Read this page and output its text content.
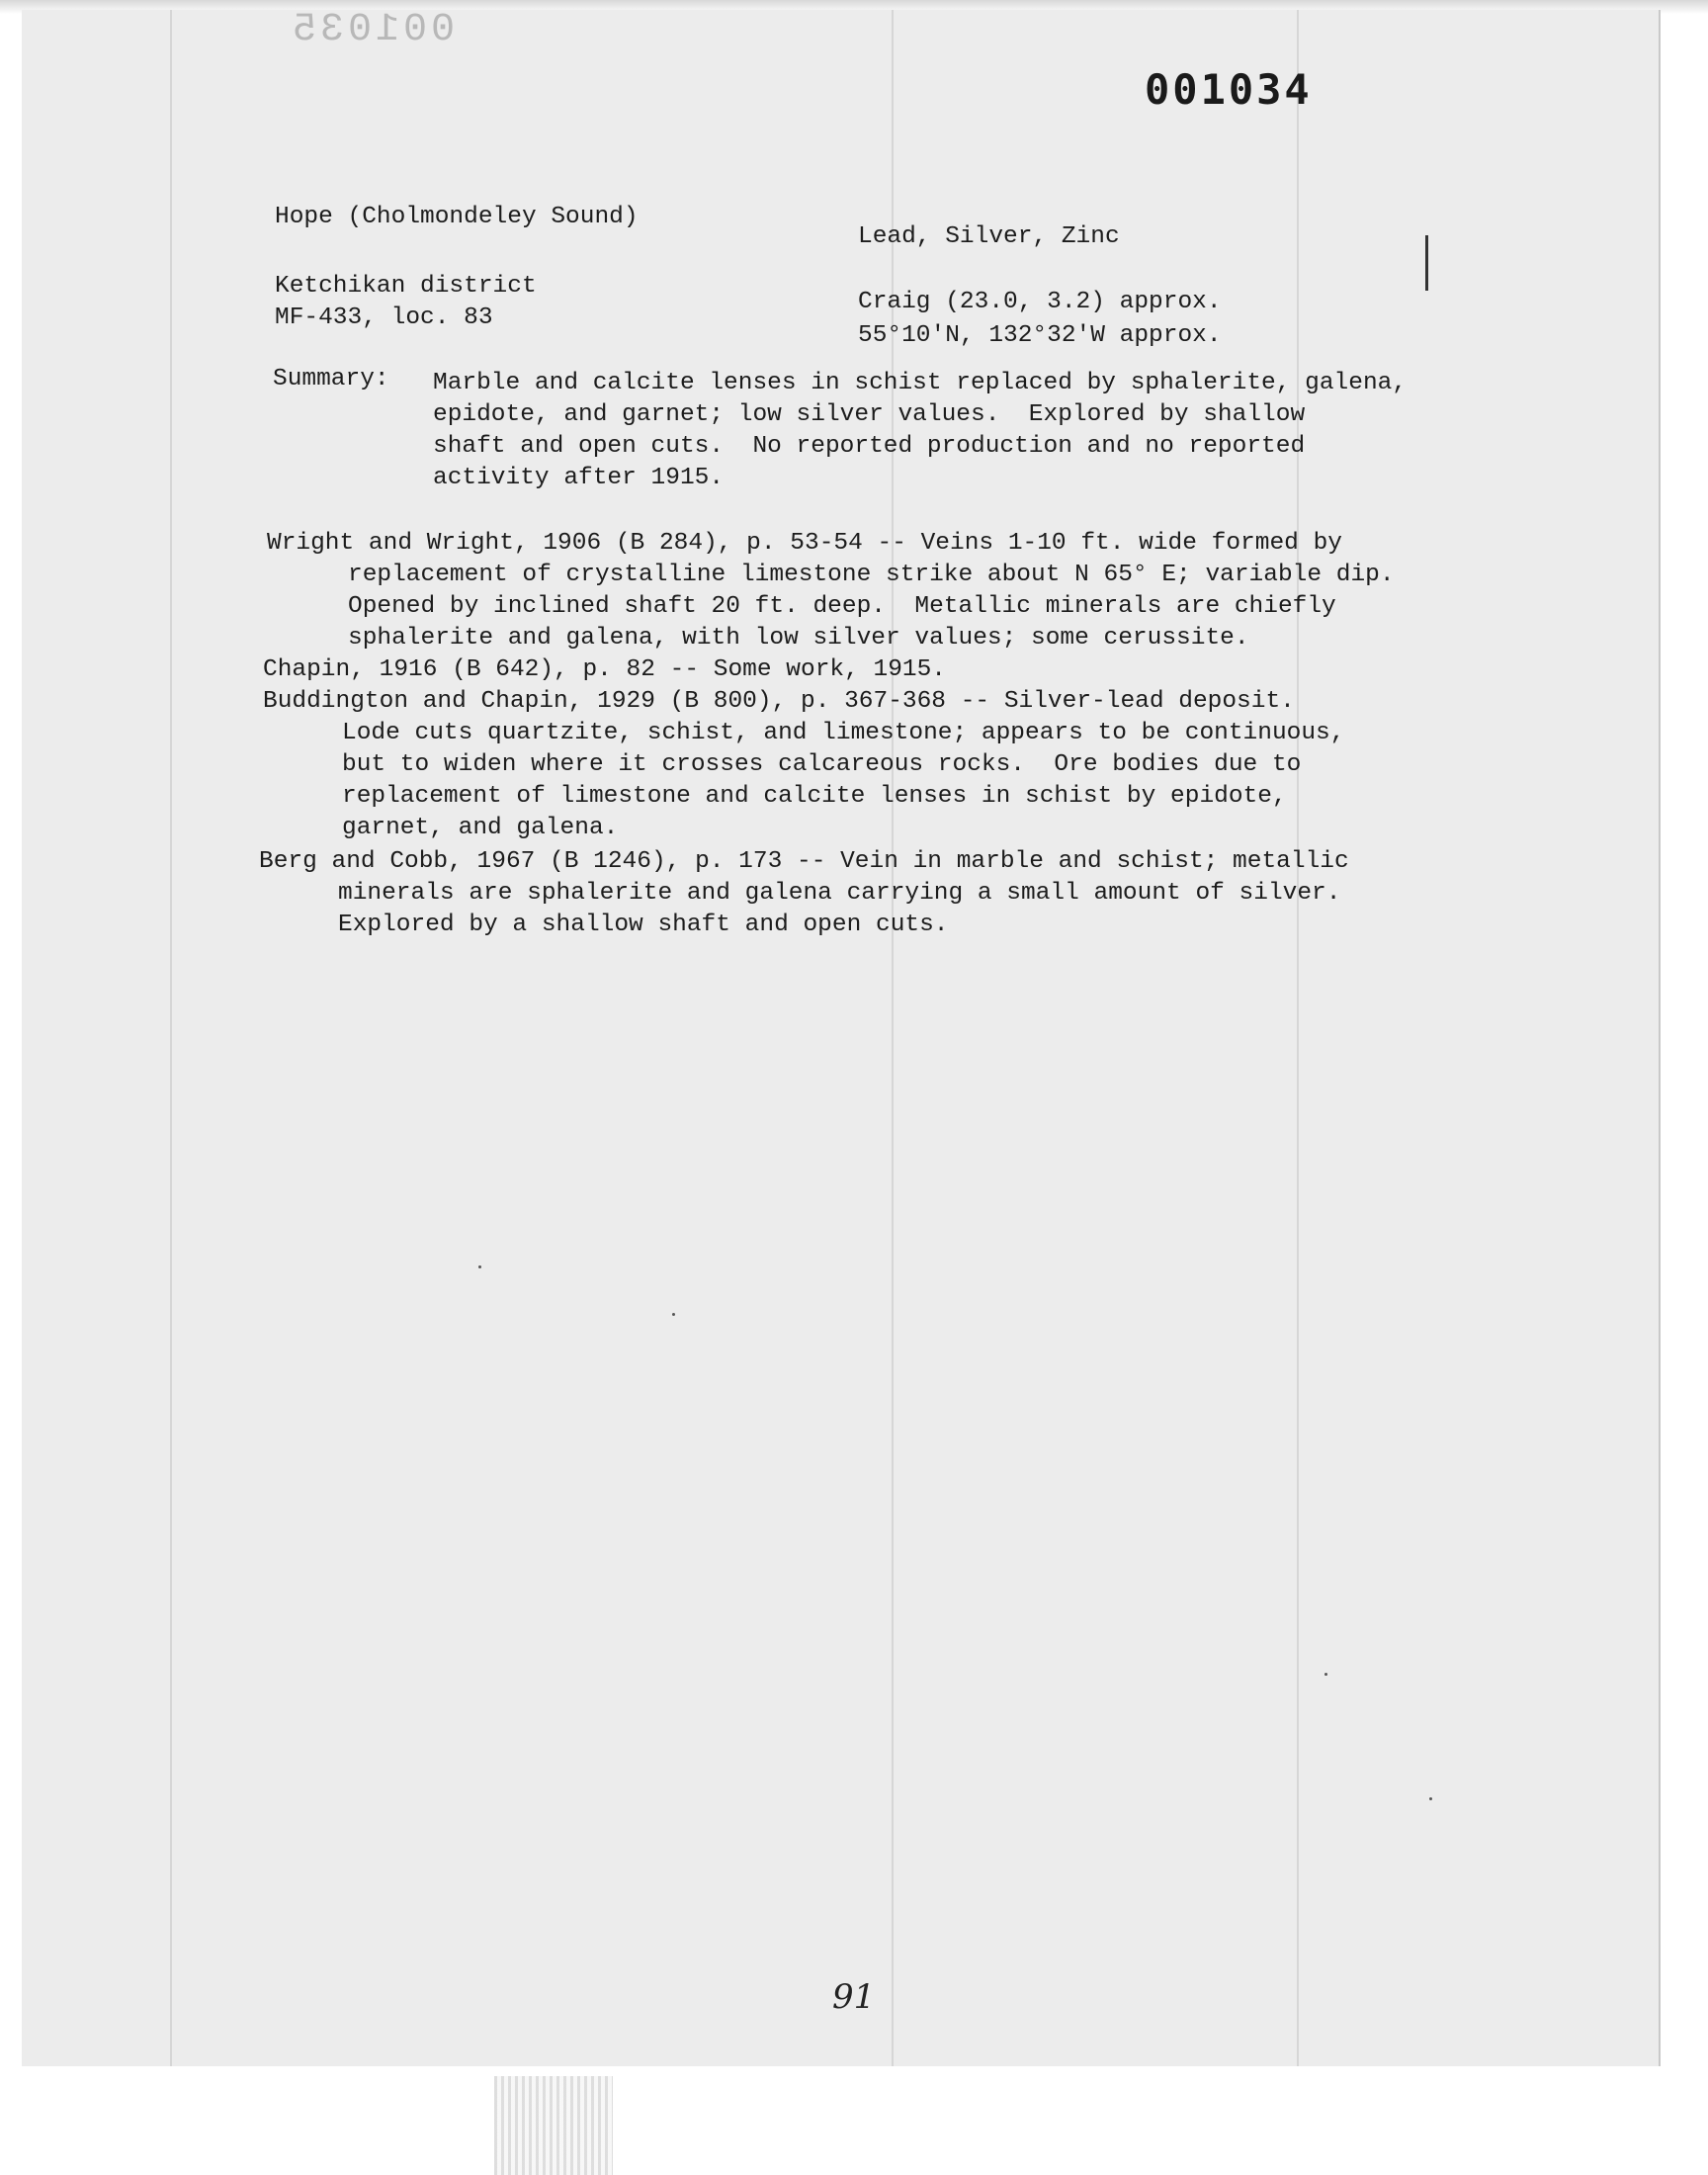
001035
001034
Hope (Cholmondeley Sound)
Lead, Silver, Zinc
Ketchikan district
MF-433, loc. 83
Craig (23.0, 3.2) approx.
55°10'N, 132°32'W approx.
Summary: Marble and calcite lenses in schist replaced by sphalerite, galena,
epidote, and garnet; low silver values.  Explored by shallow
shaft and open cuts.  No reported production and no reported
activity after 1915.
Wright and Wright, 1906 (B 284), p. 53-54 -- Veins 1-10 ft. wide formed by
replacement of crystalline limestone strike about N 65° E; variable dip.
Opened by inclined shaft 20 ft. deep.  Metallic minerals are chiefly
sphalerite and galena, with low silver values; some cerussite.
Chapin, 1916 (B 642), p. 82 -- Some work, 1915.
Buddington and Chapin, 1929 (B 800), p. 367-368 -- Silver-lead deposit.
Lode cuts quartzite, schist, and limestone; appears to be continuous,
but to widen where it crosses calcareous rocks.  Ore bodies due to
replacement of limestone and calcite lenses in schist by epidote,
garnet, and galena.
Berg and Cobb, 1967 (B 1246), p. 173 -- Vein in marble and schist; metallic
minerals are sphalerite and galena carrying a small amount of silver.
Explored by a shallow shaft and open cuts.
91
